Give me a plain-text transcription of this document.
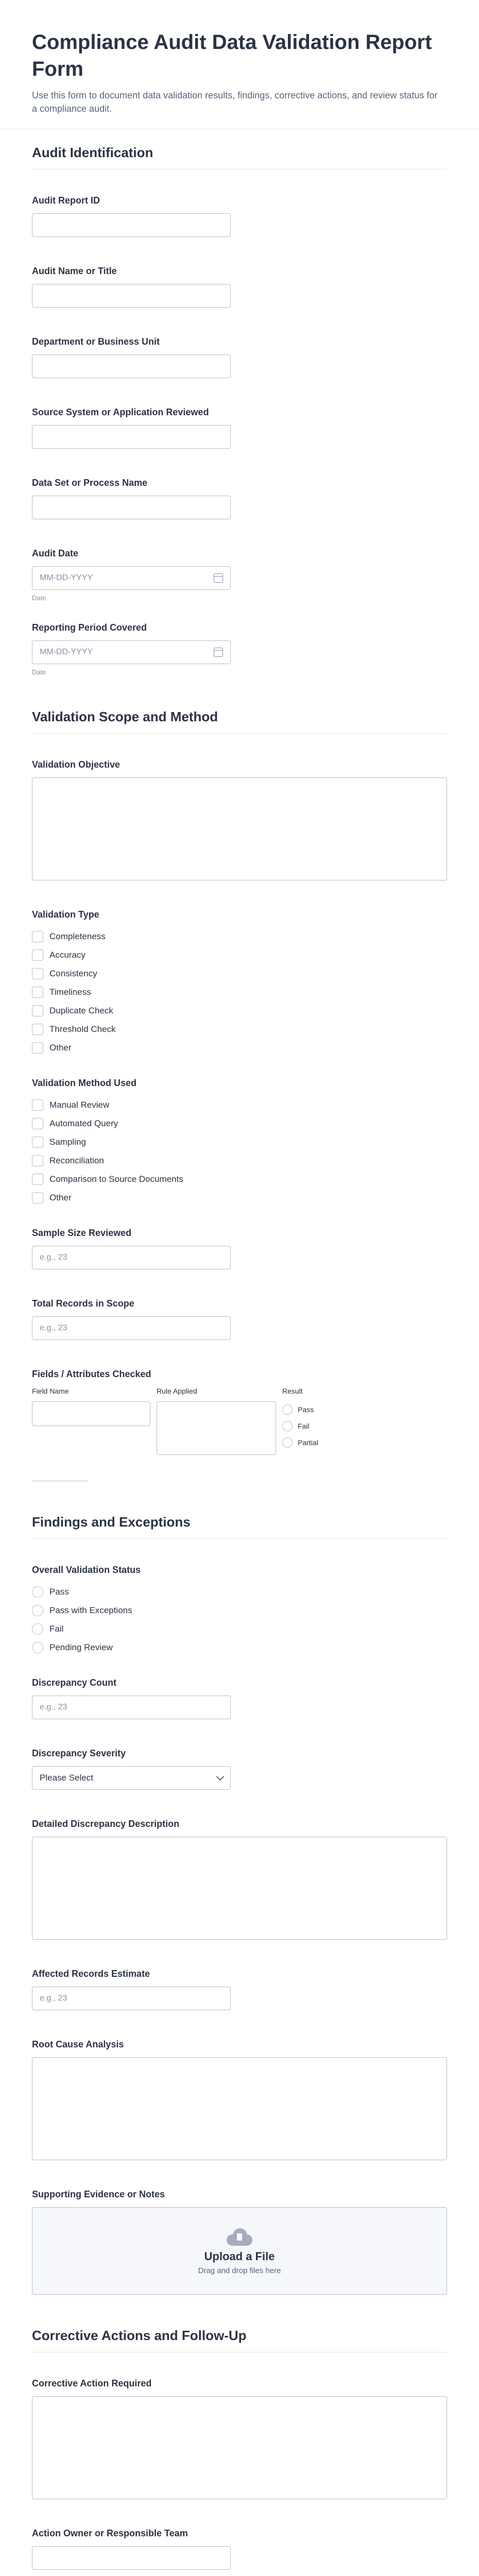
Compliance Audit Data Validation Report Form

Use this form to document data validation results, findings, corrective actions, and review status for a compliance audit.

Audit Identification
Audit Report ID
Audit Name or Title
Department or Business Unit
Source System or Application Reviewed
Data Set or Process Name
Audit Date
MM-DD-YYYY
Date
Reporting Period Covered
MM-DD-YYYY
Date
Validation Scope and Method
Validation Objective
Validation Type
Completeness
Accuracy
Consistency
Timeliness
Duplicate Check
Threshold Check
Other
Validation Method Used
Manual Review
Automated Query
Sampling
Reconciliation
Comparison to Source Documents
Other
Sample Size Reviewed
e.g., 23
Total Records in Scope
e.g., 23
Fields / Attributes Checked
Field Name	Rule Applied	Result
Pass
Fail
Partial
Findings and Exceptions
Overall Validation Status
Pass
Pass with Exceptions
Fail
Pending Review
Discrepancy Count
e.g., 23
Discrepancy Severity
Please Select
Detailed Discrepancy Description
Affected Records Estimate
e.g., 23
Root Cause Analysis
Supporting Evidence or Notes
Upload a File
Drag and drop files here
Corrective Actions and Follow-Up
Corrective Action Required
Action Owner or Responsible Team
